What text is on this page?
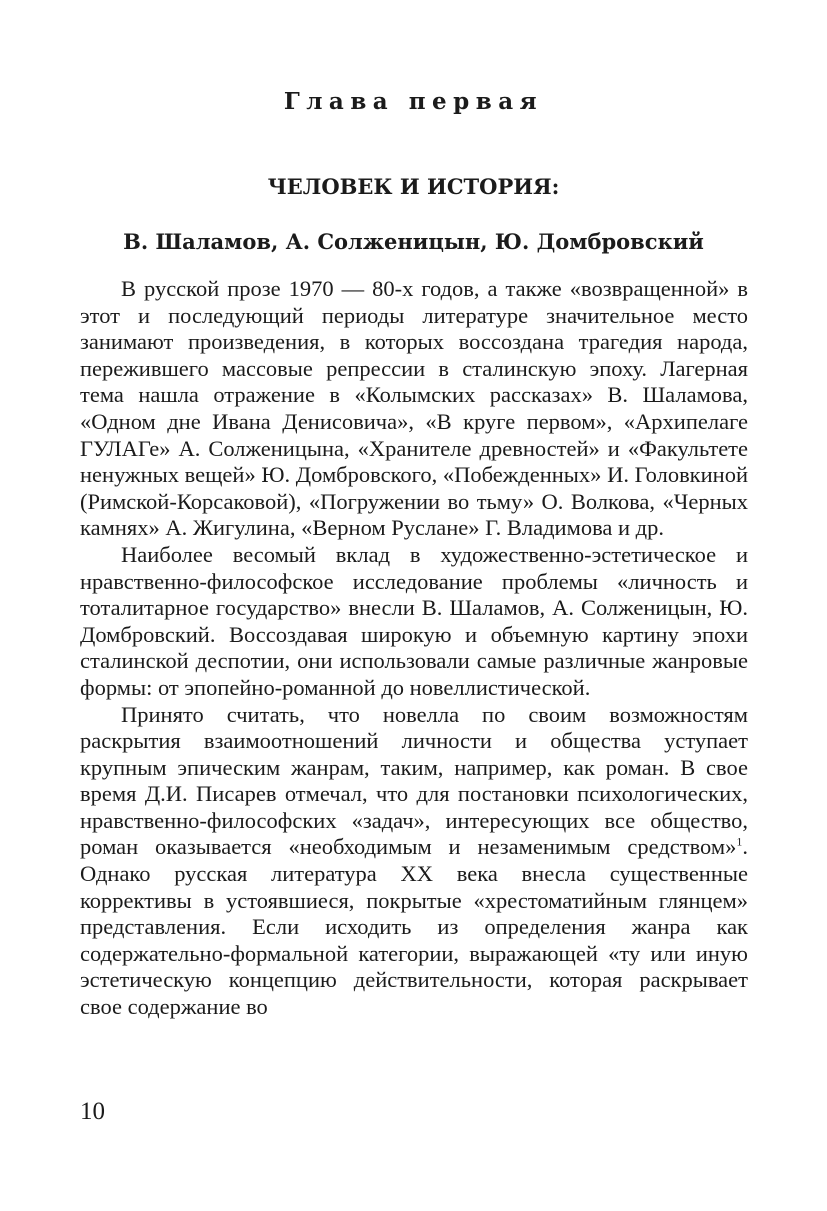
Глава первая
ЧЕЛОВЕК И ИСТОРИЯ:
В. Шаламов, А. Солженицын, Ю. Домбровский

В русской прозе 1970 — 80-х годов, а также «возвращенной» в этот и последующий периоды литературе значительное место занимают произведения, в которых воссоздана трагедия народа, пережившего массовые репрессии в сталинскую эпоху. Лагерная тема нашла отражение в «Колымских рассказах» В. Шаламова, «Одном дне Ивана Денисовича», «В круге первом», «Архипелаге ГУЛАГе» А. Солженицына, «Хранителе древностей» и «Факультете ненужных вещей» Ю. Домбровского, «Побежденных» И. Головкиной (Римской-Корсаковой), «Погружении во тьму» О. Волкова, «Черных камнях» А. Жигулина, «Верном Руслане» Г. Владимова и др.

Наиболее весомый вклад в художественно-эстетическое и нравственно-философское исследование проблемы «личность и тоталитарное государство» внесли В. Шаламов, А. Солженицын, Ю. Домбровский. Воссоздавая широкую и объемную картину эпохи сталинской деспотии, они использовали самые различные жанровые формы: от эпопейно-романной до новеллистической.

Принято считать, что новелла по своим возможностям раскрытия взаимоотношений личности и общества уступает крупным эпическим жанрам, таким, например, как роман. В свое время Д.И. Писарев отмечал, что для постановки психологических, нравственно-философских «задач», интересующих все общество, роман оказывается «необходимым и незаменимым средством»$^1$. Однако русская литература XX века внесла существенные коррективы в устоявшиеся, покрытые «хрестоматийным глянцем» представления. Если исходить из определения жанра как содержательно-формальной категории, выражающей «ту или иную эстетическую концепцию действительности, которая раскрывает свое содержание во

10
